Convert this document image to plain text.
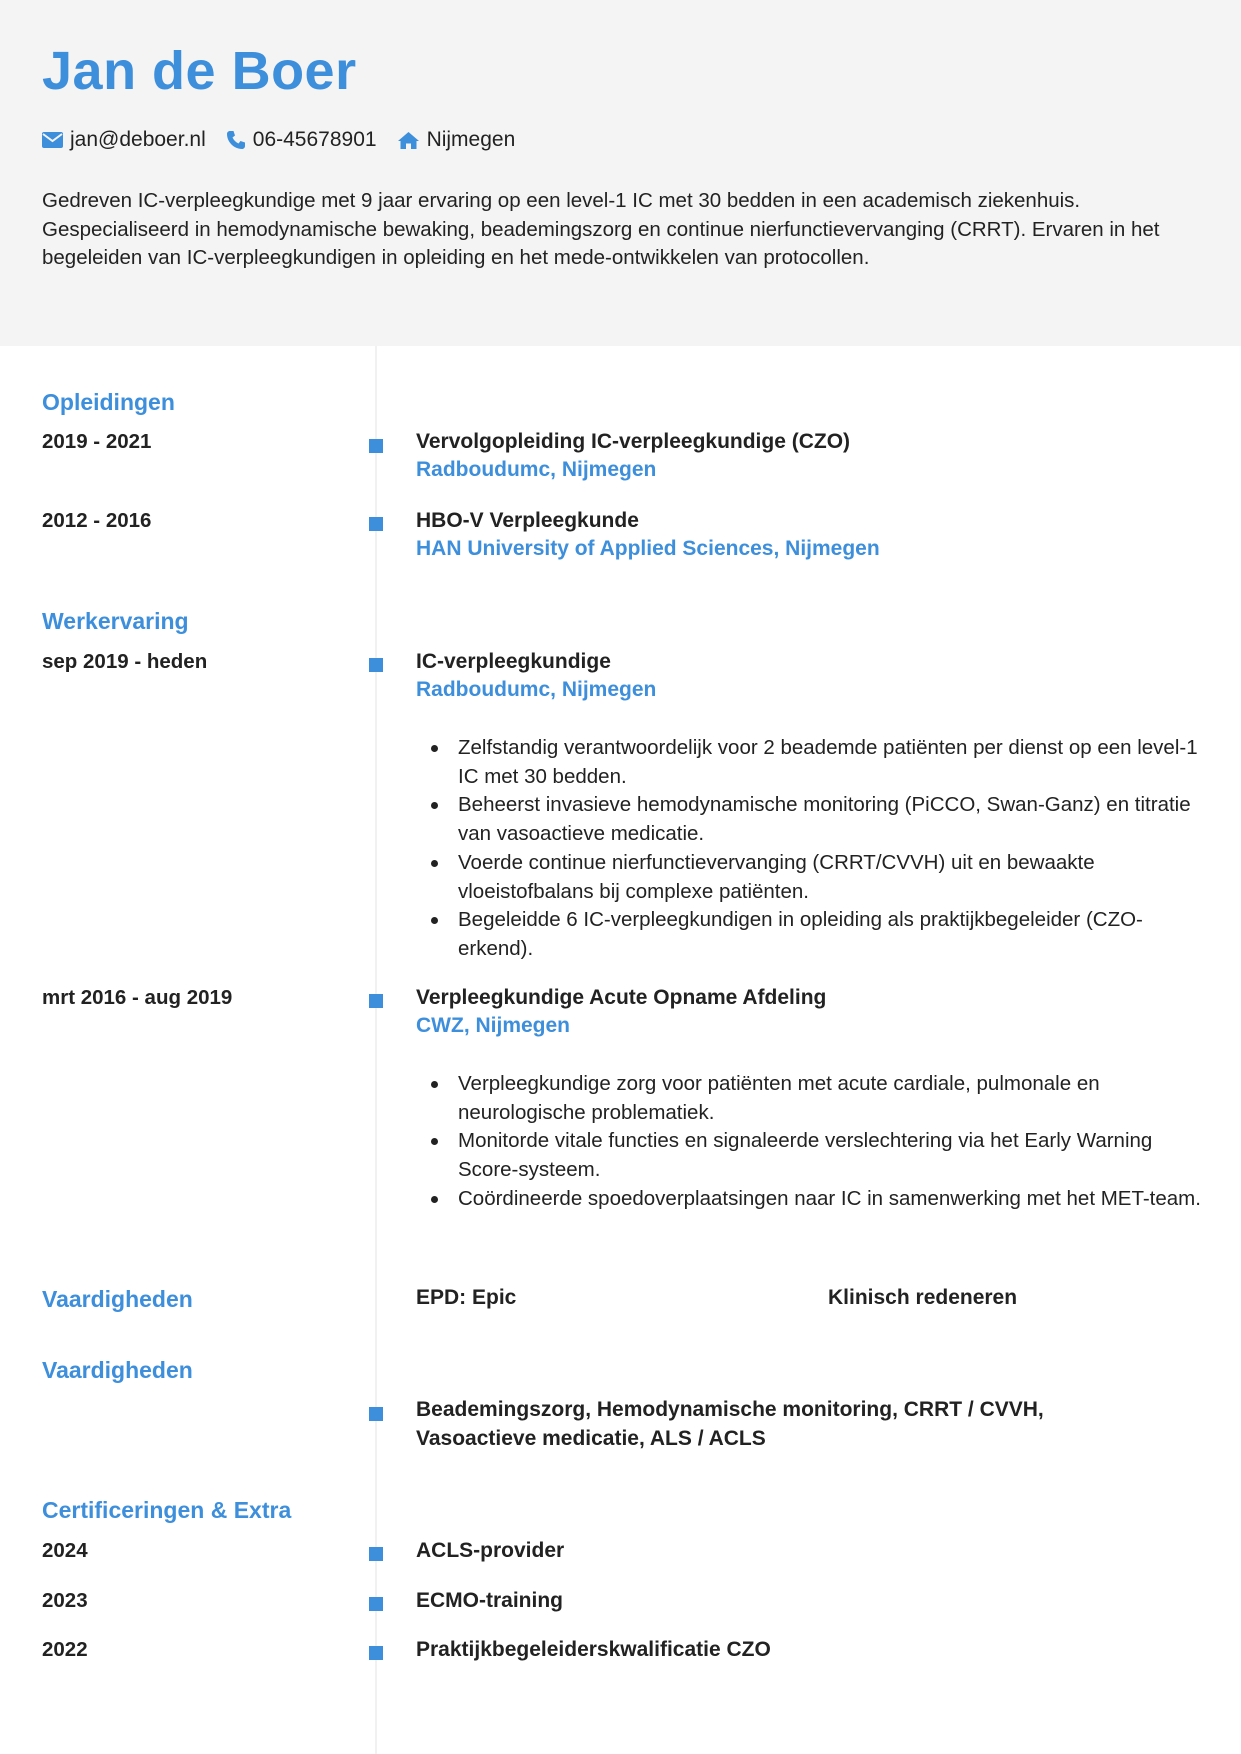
Jan de Boer
jan@deboer.nl 06-45678901 Nijmegen

Gedreven IC-verpleegkundige met 9 jaar ervaring op een level-1 IC met 30 bedden in een academisch ziekenhuis. Gespecialiseerd in hemodynamische bewaking, beademingszorg en continue nierfunctievervanging (CRRT). Ervaren in het begeleiden van IC-verpleegkundigen in opleiding en het mede-ontwikkelen van protocollen.

Opleidingen
2019 - 2021	Vervolgopleiding IC-verpleegkundige (CZO)
Radboudumc, Nijmegen
2012 - 2016	HBO-V Verpleegkunde
HAN University of Applied Sciences, Nijmegen
Werkervaring
sep 2019 - heden	IC-verpleegkundige
Radboudumc, Nijmegen
Zelfstandig verantwoordelijk voor 2 beademde patiënten per dienst op een level-1 IC met 30 bedden.
Beheerst invasieve hemodynamische monitoring (PiCCO, Swan-Ganz) en titratie van vasoactieve medicatie.
Voerde continue nierfunctievervanging (CRRT/CVVH) uit en bewaakte vloeistofbalans bij complexe patiënten.
Begeleidde 6 IC-verpleegkundigen in opleiding als praktijkbegeleider (CZO-erkend).
mrt 2016 - aug 2019	Verpleegkundige Acute Opname Afdeling
CWZ, Nijmegen
Verpleegkundige zorg voor patiënten met acute cardiale, pulmonale en neurologische problematiek.
Monitorde vitale functies en signaleerde verslechtering via het Early Warning Score-systeem.
Coördineerde spoedoverplaatsingen naar IC in samenwerking met het MET-team.
Vaardigheden	EPD: Epic	Klinisch redeneren
Vaardigheden
Beademingszorg, Hemodynamische monitoring, CRRT / CVVH, Vasoactieve medicatie, ALS / ACLS
Certificeringen & Extra
2024	ACLS-provider
2023	ECMO-training
2022	Praktijkbegeleiderskwalificatie CZO
